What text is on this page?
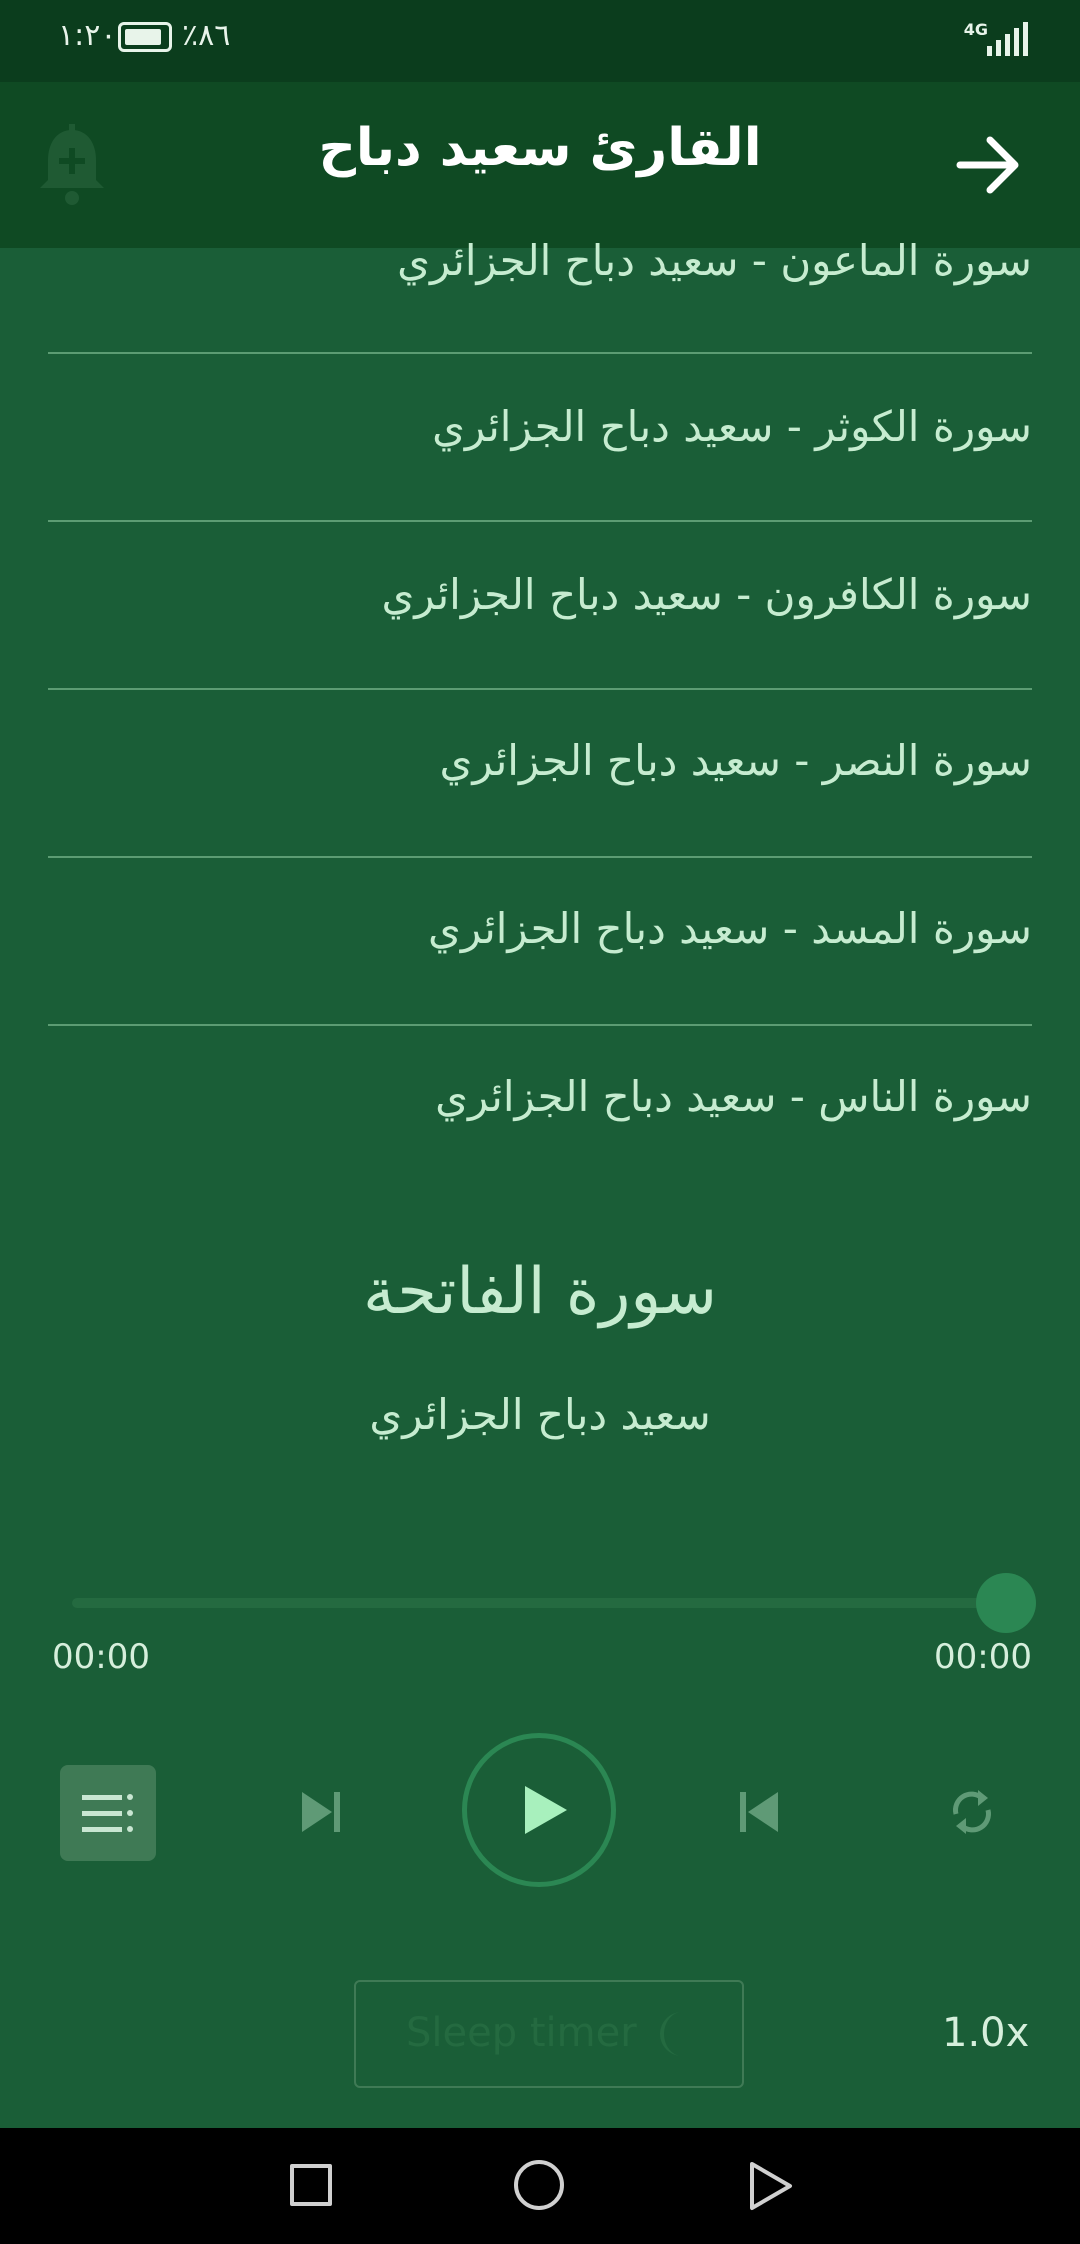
١:٢٠ ٪٨٦	4G
القارئ سعيد دباح
سورة الماعون - سعيد دباح الجزائري
سورة الكوثر - سعيد دباح الجزائري
سورة الكافرون - سعيد دباح الجزائري
سورة النصر - سعيد دباح الجزائري
سورة المسد - سعيد دباح الجزائري
سورة الناس - سعيد دباح الجزائري
سورة الفاتحة
سعيد دباح الجزائري
00:00	00:00
Sleep timer	1.0x
